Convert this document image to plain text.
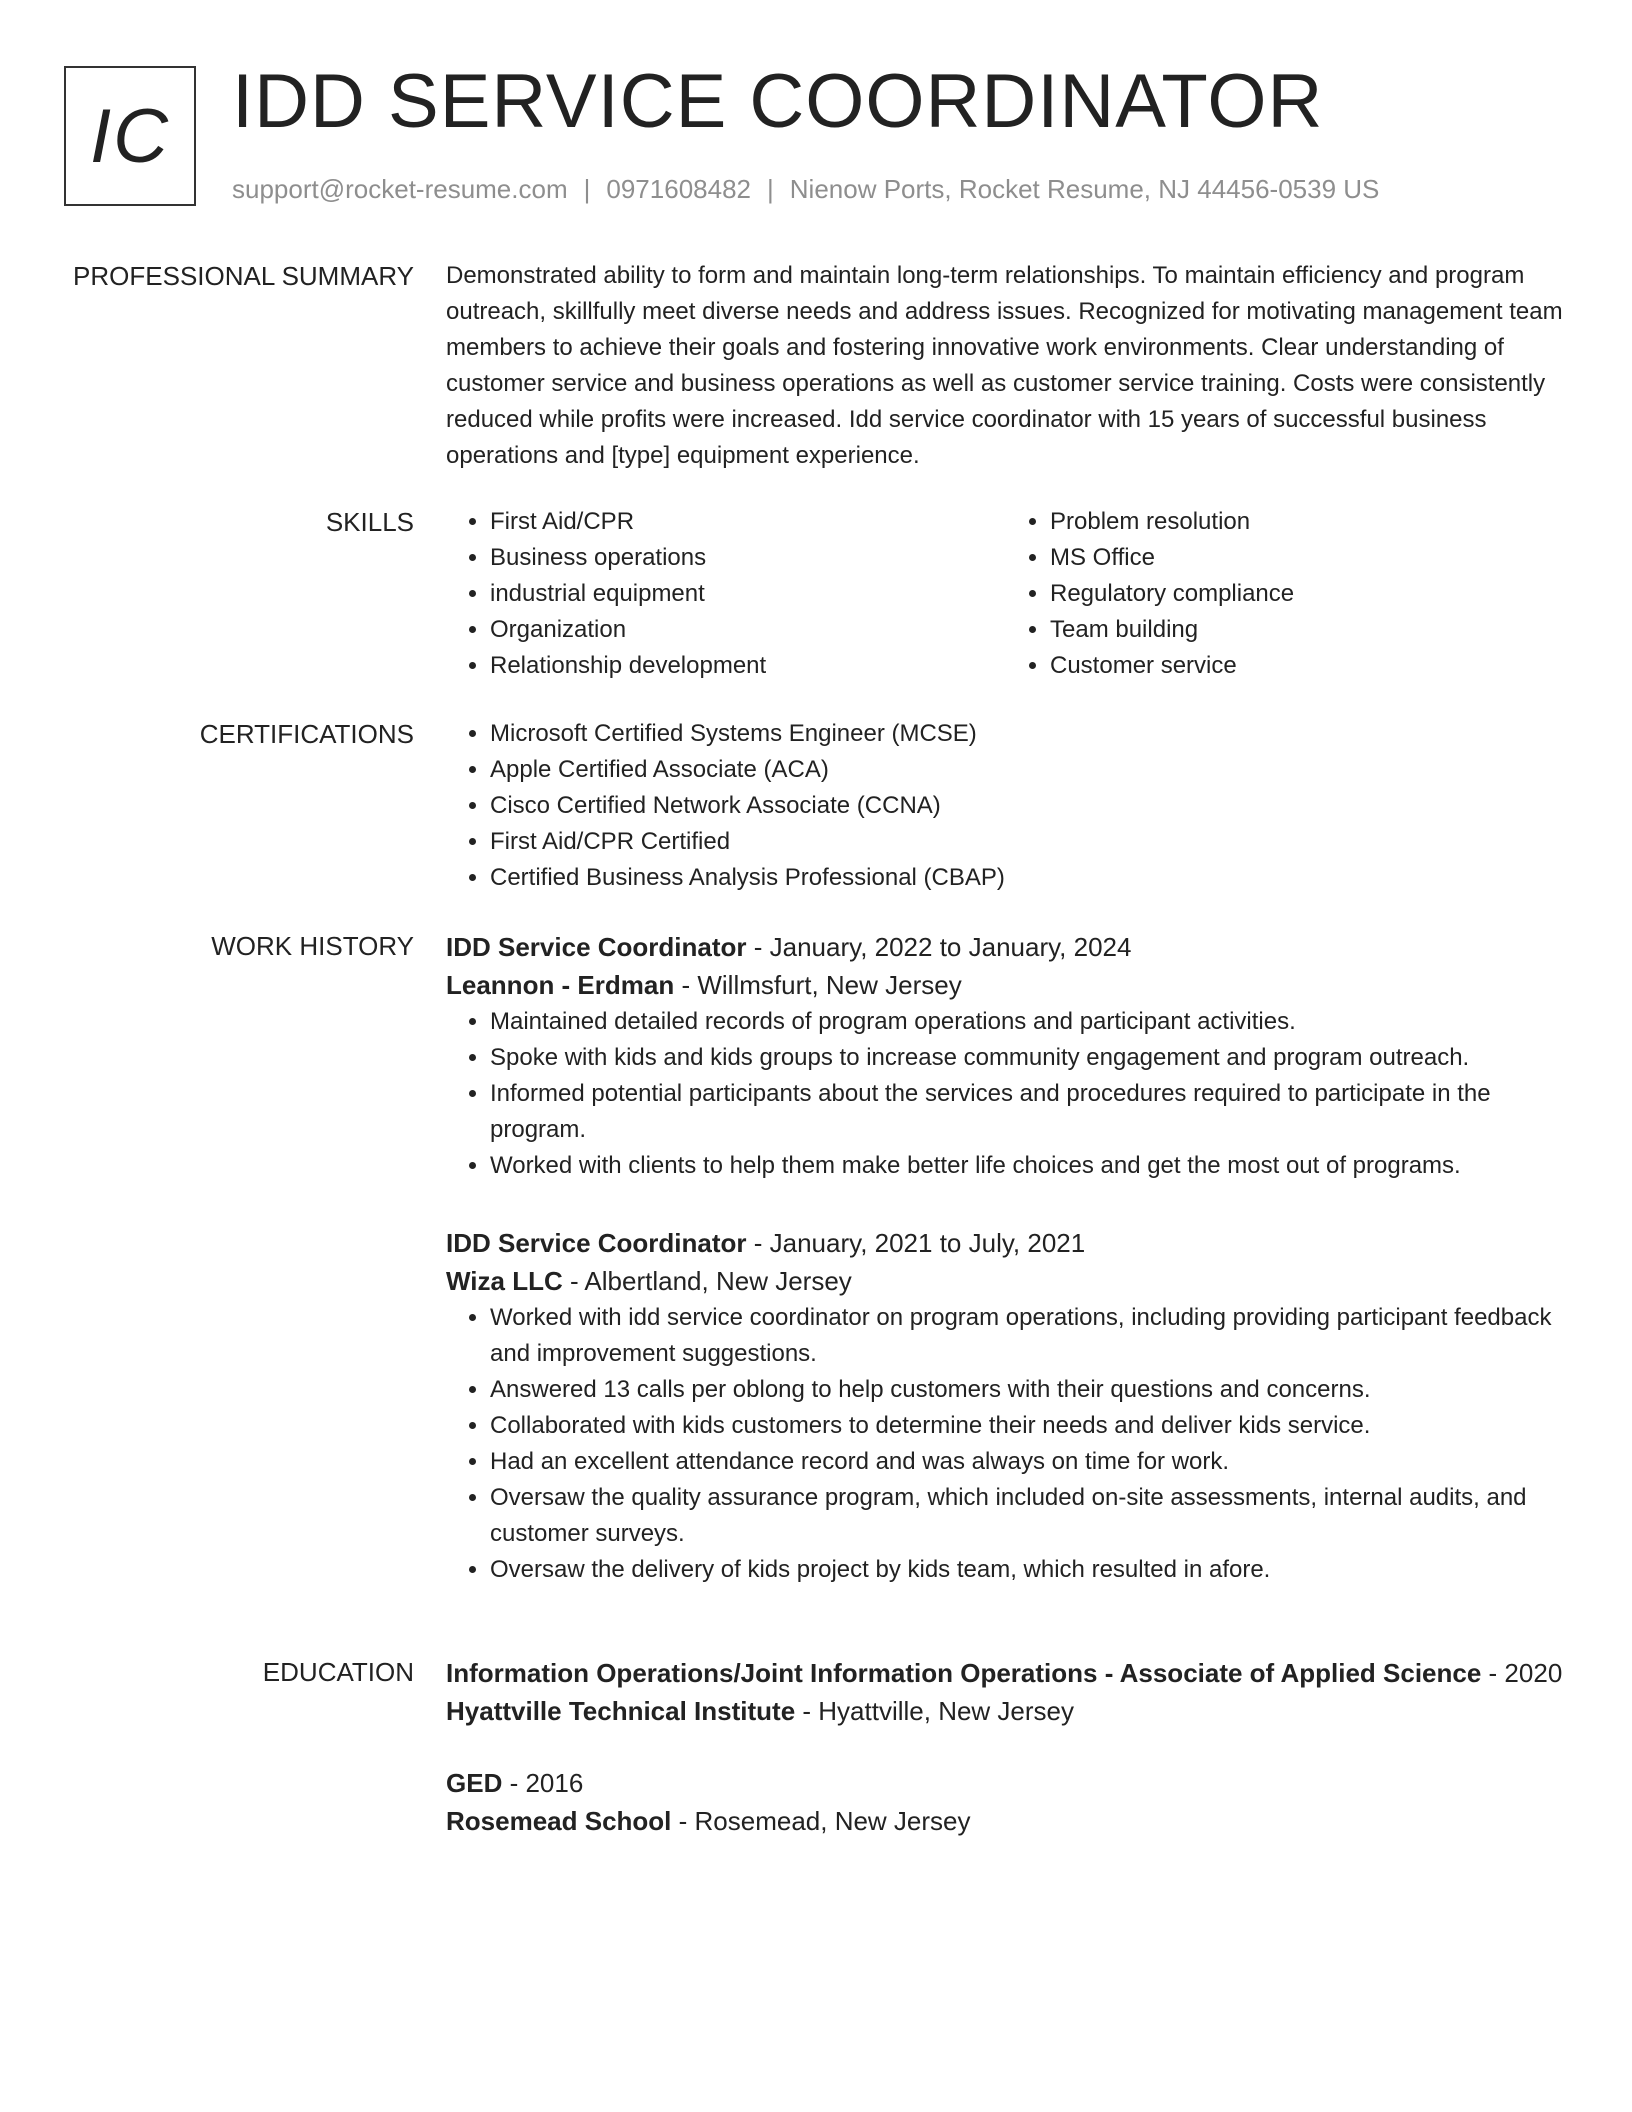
IC IDD SERVICE COORDINATOR
support@rocket-resume.com | 0971608482 | Nienow Ports, Rocket Resume, NJ 44456-0539 US
PROFESSIONAL SUMMARY Demonstrated ability to form and maintain long-term relationships. To maintain efficiency and program outreach, skillfully meet diverse needs and address issues. Recognized for motivating management team members to achieve their goals and fostering innovative work environments. Clear understanding of customer service and business operations as well as customer service training. Costs were consistently reduced while profits were increased. Idd service coordinator with 15 years of successful business operations and [type] equipment experience.

SKILLS	• First Aid/CPR
• Business operations
• industrial equipment
• Organization
• Relationship development
• Problem resolution
• MS Office
• Regulatory compliance
• Team building
• Customer service
CERTIFICATIONS	• Microsoft Certified Systems Engineer (MCSE)
• Apple Certified Associate (ACA)
• Cisco Certified Network Associate (CCNA)
• First Aid/CPR Certified
• Certified Business Analysis Professional (CBAP)
WORK HISTORY IDD Service Coordinator - January, 2022 to January, 2024
Leannon - Erdman - Willmsfurt, New Jersey
• Maintained detailed records of program operations and participant activities.
• Spoke with kids and kids groups to increase community engagement and program outreach.
• Informed potential participants about the services and procedures required to participate in the program.
• Worked with clients to help them make better life choices and get the most out of programs.
IDD Service Coordinator - January, 2021 to July, 2021
Wiza LLC - Albertland, New Jersey
• Worked with idd service coordinator on program operations, including providing participant feedback and improvement suggestions.
• Answered 13 calls per oblong to help customers with their questions and concerns.
• Collaborated with kids customers to determine their needs and deliver kids service.
• Had an excellent attendance record and was always on time for work.
• Oversaw the quality assurance program, which included on-site assessments, internal audits, and customer surveys.
• Oversaw the delivery of kids project by kids team, which resulted in afore.
EDUCATION Information Operations/Joint Information Operations - Associate of Applied Science - 2020
Hyattville Technical Institute - Hyattville, New Jersey
GED - 2016
Rosemead School - Rosemead, New Jersey
